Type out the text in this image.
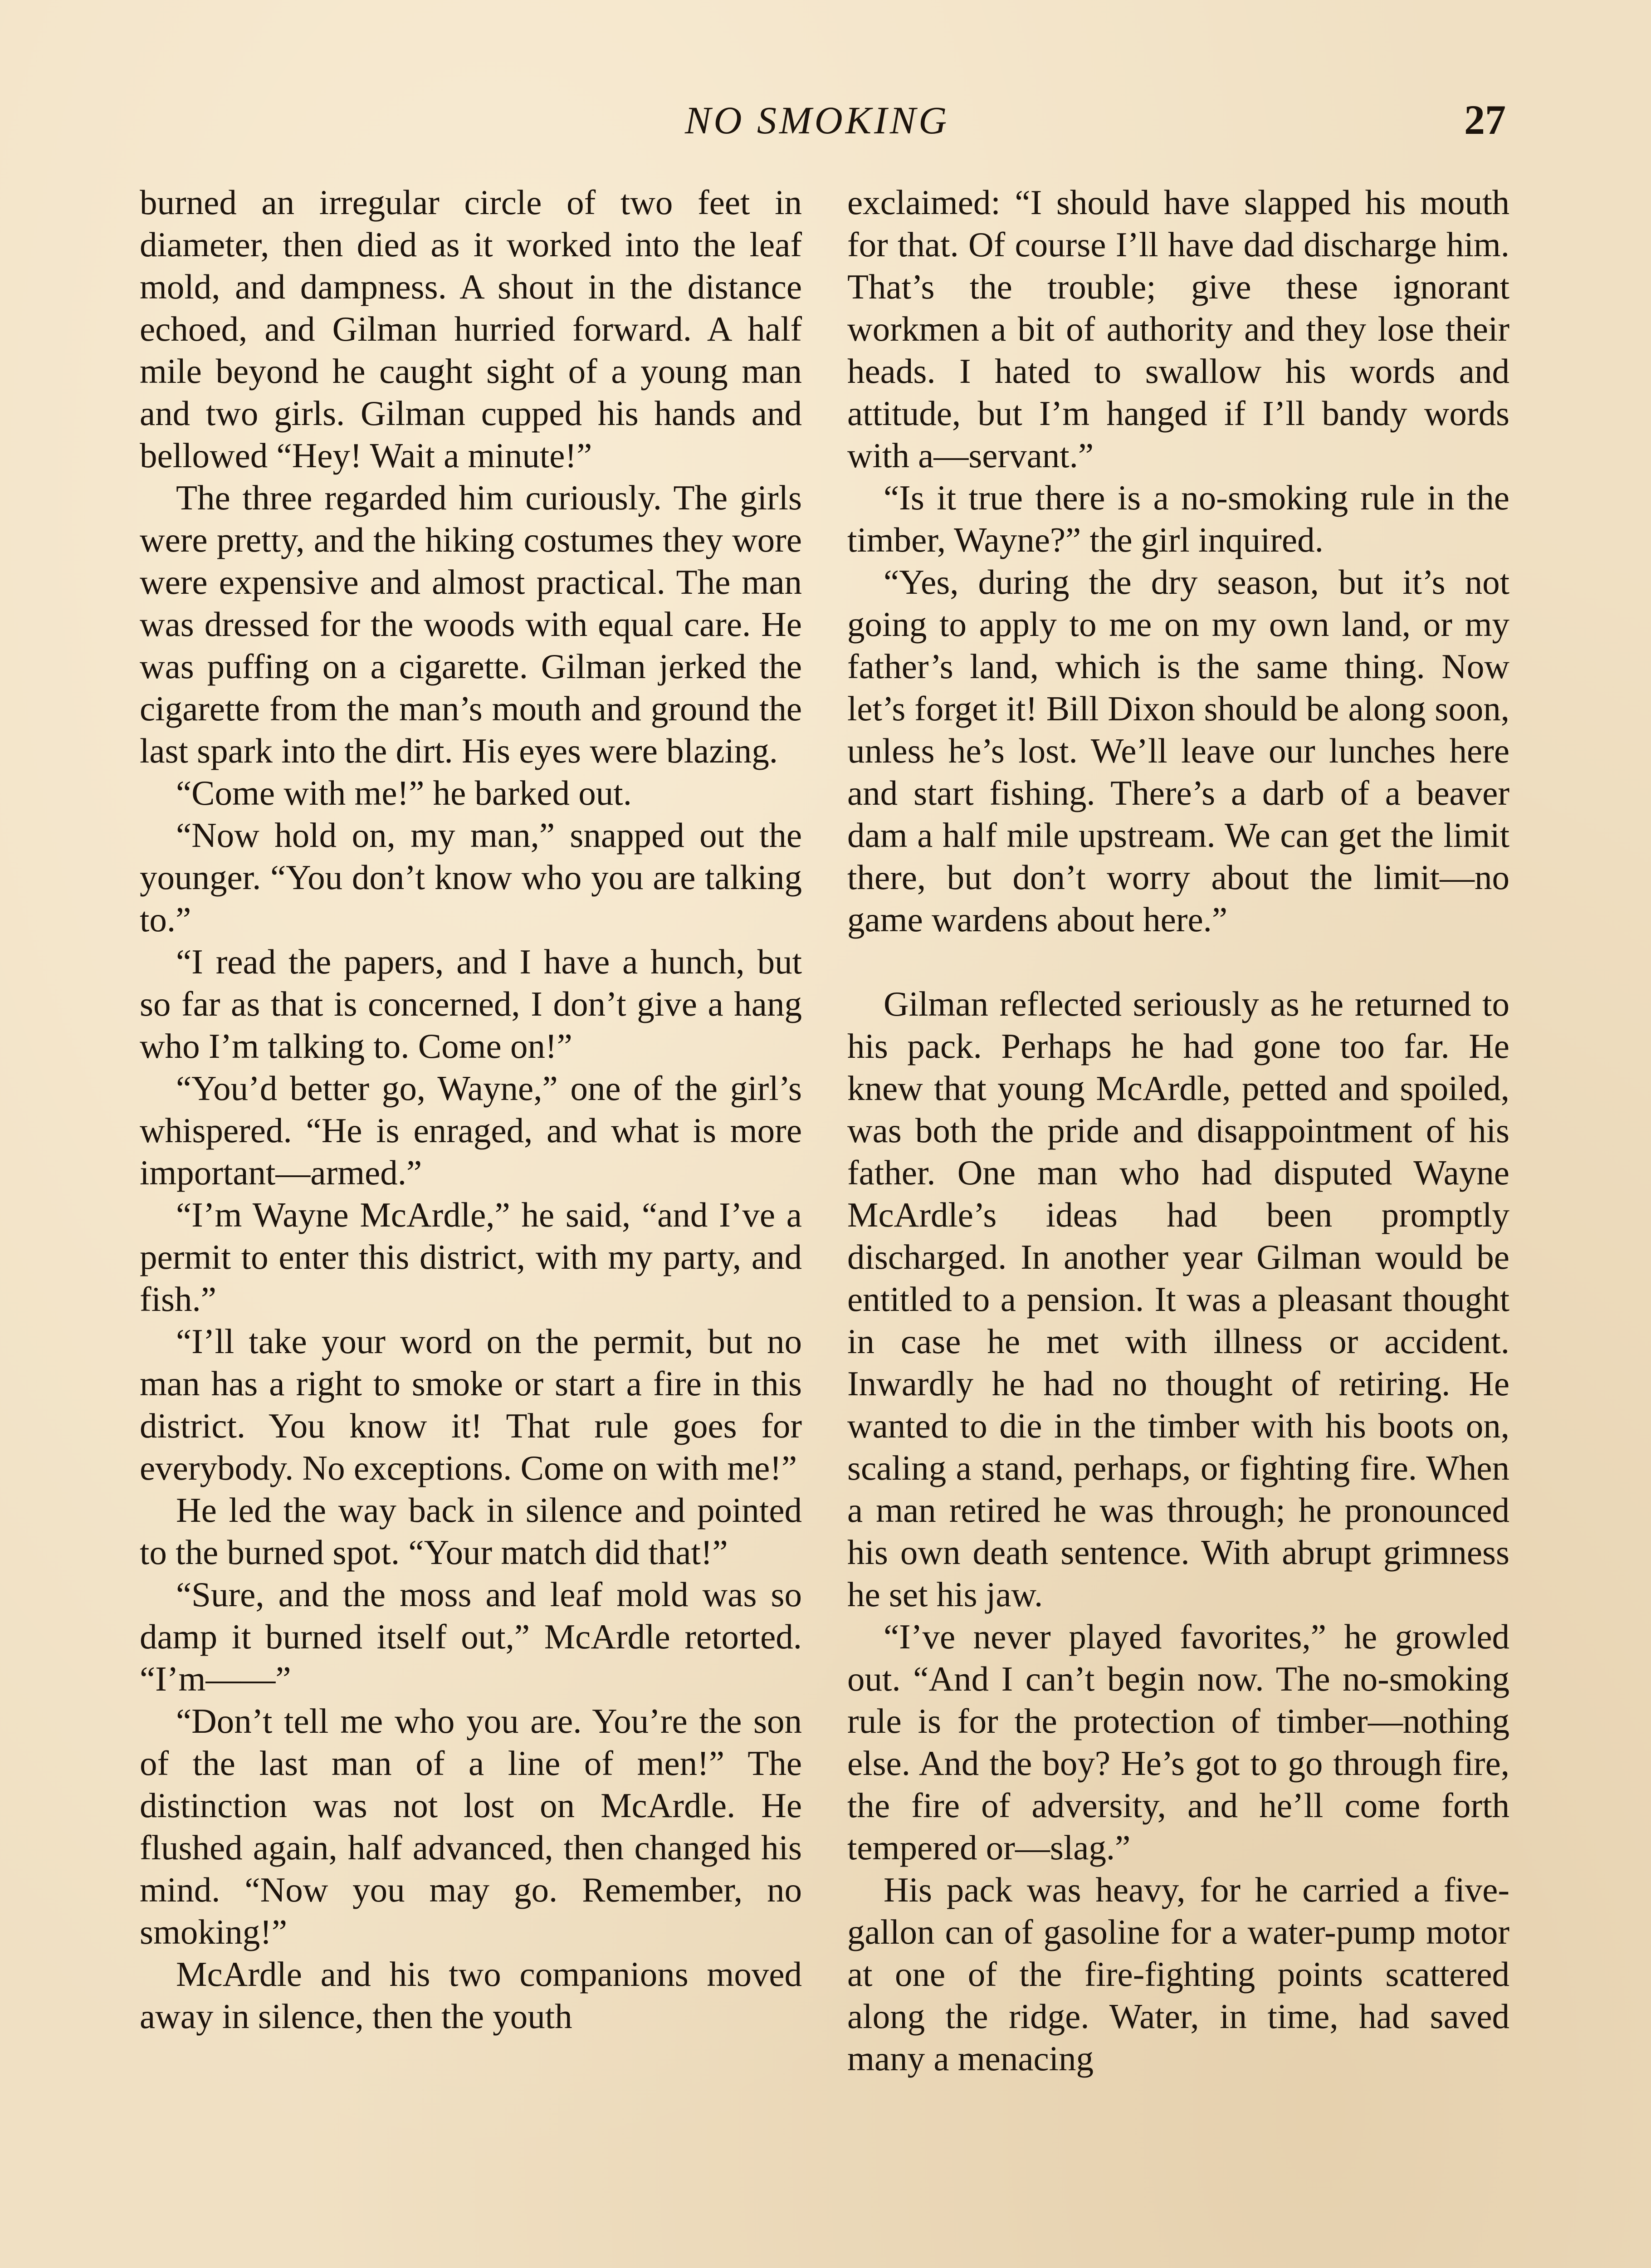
NO SMOKING	27

burned an irregular circle of two feet in diameter, then died as it worked into the leaf mold, and dampness. A shout in the distance echoed, and Gilman hurried forward. A half mile beyond he caught sight of a young man and two girls. Gilman cupped his hands and bellowed “Hey! Wait a minute!”

The three regarded him curiously. The girls were pretty, and the hiking costumes they wore were expensive and almost practical. The man was dressed for the woods with equal care. He was puffing on a cigarette. Gilman jerked the cigarette from the man’s mouth and ground the last spark into the dirt. His eyes were blazing.

“Come with me!” he barked out.

“Now hold on, my man,” snapped out the younger. “You don’t know who you are talking to.”

“I read the papers, and I have a hunch, but so far as that is concerned, I don’t give a hang who I’m talking to. Come on!”

“You’d better go, Wayne,” one of the girl’s whispered. “He is enraged, and what is more important—armed.”

“I’m Wayne McArdle,” he said, “and I’ve a permit to enter this district, with my party, and fish.”

“I’ll take your word on the permit, but no man has a right to smoke or start a fire in this district. You know it! That rule goes for everybody. No exceptions. Come on with me!”

He led the way back in silence and pointed to the burned spot. “Your match did that!”

“Sure, and the moss and leaf mold was so damp it burned itself out,” McArdle retorted. “I’m——”

“Don’t tell me who you are. You’re the son of the last man of a line of men!” The distinction was not lost on McArdle. He flushed again, half advanced, then changed his mind. “Now you may go. Remember, no smoking!”

McArdle and his two companions moved away in silence, then the youth

exclaimed: “I should have slapped his mouth for that. Of course I’ll have dad discharge him. That’s the trouble; give these ignorant workmen a bit of authority and they lose their heads. I hated to swallow his words and attitude, but I’m hanged if I’ll bandy words with a—servant.”

“Is it true there is a no-smoking rule in the timber, Wayne?” the girl inquired.

“Yes, during the dry season, but it’s not going to apply to me on my own land, or my father’s land, which is the same thing. Now let’s forget it! Bill Dixon should be along soon, unless he’s lost. We’ll leave our lunches here and start fishing. There’s a darb of a beaver dam a half mile upstream. We can get the limit there, but don’t worry about the limit—no game wardens about here.”

Gilman reflected seriously as he returned to his pack. Perhaps he had gone too far. He knew that young McArdle, petted and spoiled, was both the pride and disappointment of his father. One man who had disputed Wayne McArdle’s ideas had been promptly discharged. In another year Gilman would be entitled to a pension. It was a pleasant thought in case he met with illness or accident. Inwardly he had no thought of retiring. He wanted to die in the timber with his boots on, scaling a stand, perhaps, or fighting fire. When a man retired he was through; he pronounced his own death sentence. With abrupt grimness he set his jaw.

“I’ve never played favorites,” he growled out. “And I can’t begin now. The no-smoking rule is for the protection of timber—nothing else. And the boy? He’s got to go through fire, the fire of adversity, and he’ll come forth tempered or—slag.”

His pack was heavy, for he carried a five-gallon can of gasoline for a water-pump motor at one of the fire-fighting points scattered along the ridge. Water, in time, had saved many a menacing
